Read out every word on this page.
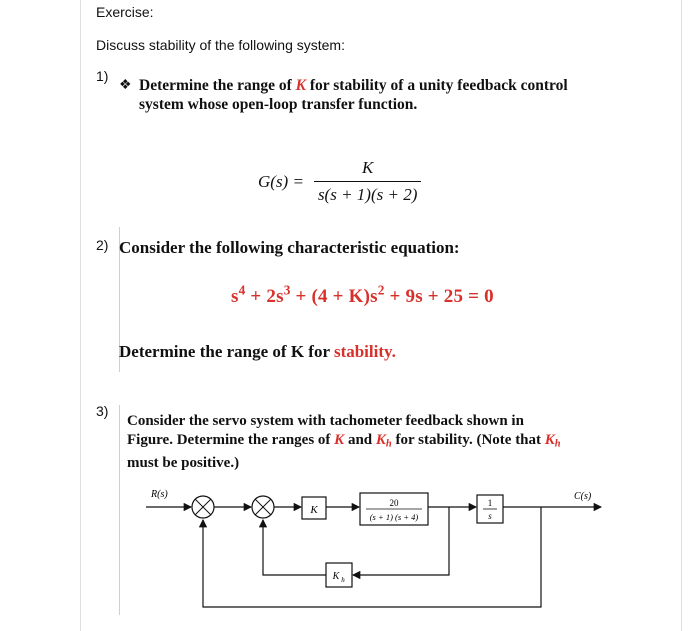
Exercise:
Discuss stability of the following system:
1) ❖ Determine the range of K for stability of a unity feedback control
system whose open-loop transfer function.
G(s) =
K
s(s + 1)(s + 2)
2) Consider the following characteristic equation:
$s^4 + 2s^3 + (4 + K)s^2 + 9s + 25 = 0$
Determine the range of K for stability.
3)
Consider the servo system with tachometer feedback shown in
Figure. Determine the ranges of K and $K_h$ for stability. (Note that $K_h$
must be positive.)
R(s)	C(s)
K
20
(s + 1) (s + 4)
1
s
K h
